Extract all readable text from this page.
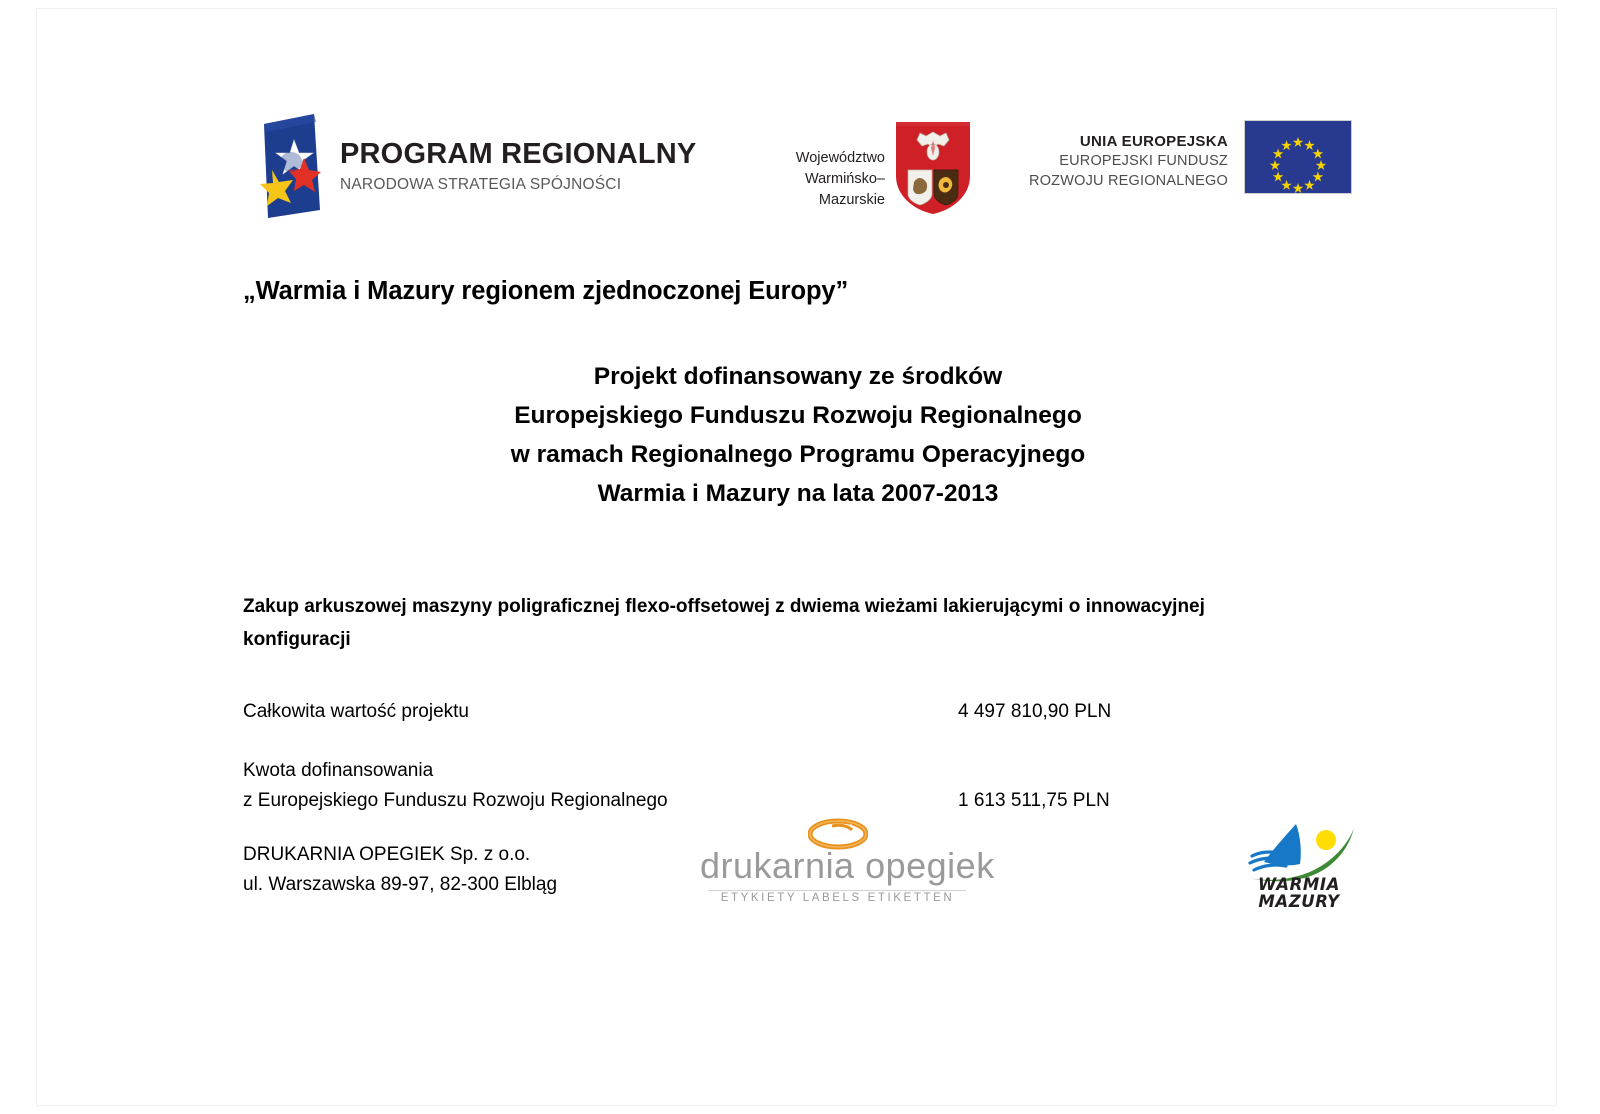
PROGRAM REGIONALNY
NARODOWA STRATEGIA SPÓJNOŚCI
Województwo
Warmińsko–Mazurskie
UNIA EUROPEJSKA
EUROPEJSKI FUNDUSZ
ROZWOJU REGIONALNEGO
„Warmia i Mazury regionem zjednoczonej Europy”
Projekt dofinansowany ze środków
Europejskiego Funduszu Rozwoju Regionalnego
w ramach Regionalnego Programu Operacyjnego
Warmia i Mazury na lata 2007-2013
Zakup arkuszowej maszyny poligraficznej flexo-offsetowej z dwiema wieżami lakierującymi o innowacyjnej konfiguracji
Całkowita wartość projektu	4 497 810,90 PLN
Kwota dofinansowania
z Europejskiego Funduszu Rozwoju Regionalnego	1 613 511,75 PLN
DRUKARNIA OPEGIEK Sp. z o.o.
ul. Warszawska 89-97, 82-300 Elbląg	drukarnia opegiek
ETYKIETY LABELS ETIKETTEN
WARMIA
MAZURY
